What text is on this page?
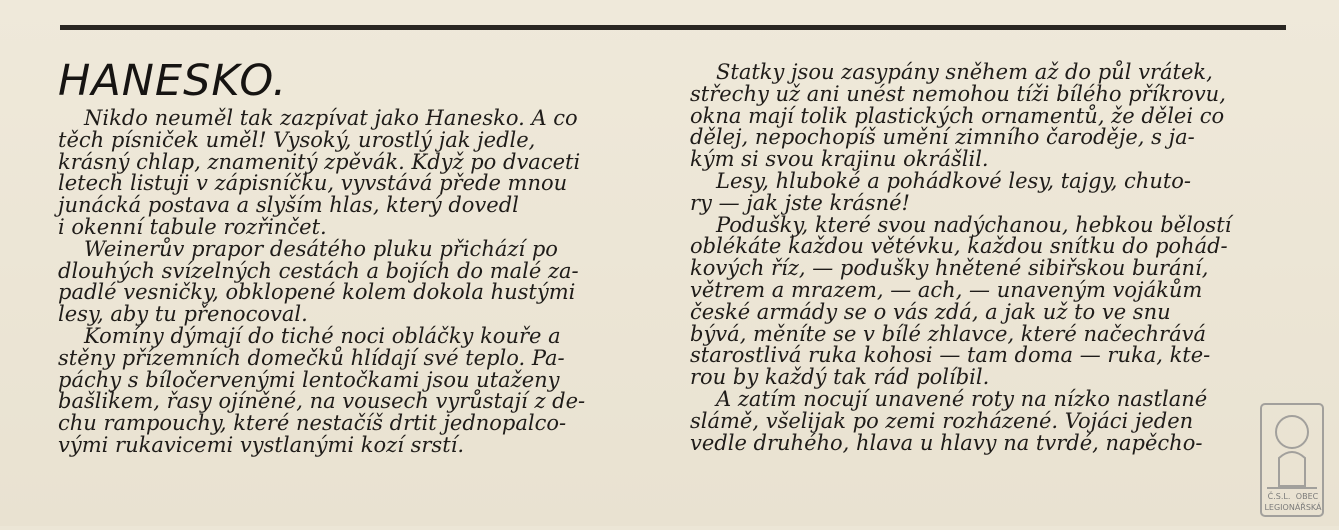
HANESKO.
Nikdo neuměl tak zazpívat jako Hanesko. A co
těch písniček uměl! Vysoký, urostlý jak jedle,
krásný chlap, znamenitý zpěvák. Když po dvaceti
letech listuji v zápisníčku, vyvstává přede mnou
junácká postava a slyším hlas, který dovedl
i okenní tabule rozřinčet.
Weinerův prapor desátého pluku přichází po
dlouhých svízelných cestách a bojích do malé za-
padlé vesničky, obklopené kolem dokola hustými
lesy, aby tu přenocoval.
Komíny dýmají do tiché noci obláčky kouře a
stěny přízemních domečků hlídají své teplo. Pa-
páchy s bíločervenými lentočkami jsou utaženy
bašlikem, řasy ojíněné, na vousech vyrůstají z de-
chu rampouchy, které nestačíš drtit jednopalco-
vými rukavicemi vystlanými kozí srstí.
Statky jsou zasypány sněhem až do půl vrátek,
střechy už ani unést nemohou tíži bílého příkrovu,
okna mají tolik plastických ornamentů, že dělei co
dělej, nepochopíš umění zimního čaroděje, s ja-
kým si svou krajinu okrášlil.
Lesy, hluboké a pohádkové lesy, tajgy, chuto-
ry — jak jste krásné!
Podušky, které svou nadýchanou, hebkou bělostí
oblékáte každou větévku, každou snítku do pohád-
kových říz, — podušky hnětené sibiřskou burání,
větrem a mrazem, — ach, — unaveným vojákům
české armády se o vás zdá, a jak už to ve snu
bývá, měníte se v bílé zhlavce, které načechrává
starostlivá ruka kohosi — tam doma — ruka, kte-
rou by každý tak rád políbil.
A zatím nocují unavené roty na nízko nastlané
slámě, všelijak po zemi rozházené. Vojáci jeden
vedle druhého, hlava u hlavy na tvrdé, napěcho-
Č.S.L. OBEC
LEGIONÁŘSKÁ
